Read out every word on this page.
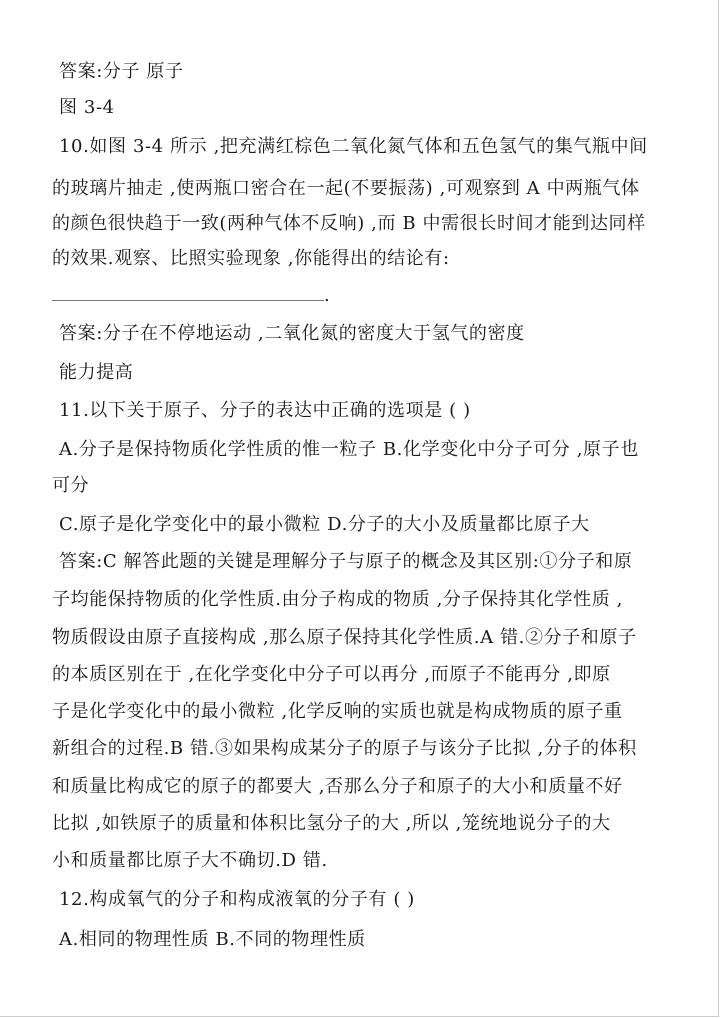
答案:分子 原子
图 3-4
10.如图 3-4 所示 ,把充满红棕色二氧化氮气体和五色氢气的集气瓶中间
的玻璃片抽走 ,使两瓶口密合在一起(不要振荡) ,可观察到 A 中两瓶气体
的颜色很快趋于一致(两种气体不反响) ,而 B 中需很长时间才能到达同样
的效果.观察、比照实验现象 ,你能得出的结论有:
.
答案:分子在不停地运动 ,二氧化氮的密度大于氢气的密度
能力提高
11.以下关于原子、分子的表达中正确的选项是 ( )
A.分子是保持物质化学性质的惟一粒子 B.化学变化中分子可分 ,原子也
可分
C.原子是化学变化中的最小微粒 D.分子的大小及质量都比原子大
答案:C 解答此题的关键是理解分子与原子的概念及其区别:①分子和原
子均能保持物质的化学性质.由分子构成的物质 ,分子保持其化学性质 ,
物质假设由原子直接构成 ,那么原子保持其化学性质.A 错.②分子和原子
的本质区别在于 ,在化学变化中分子可以再分 ,而原子不能再分 ,即原
子是化学变化中的最小微粒 ,化学反响的实质也就是构成物质的原子重
新组合的过程.B 错.③如果构成某分子的原子与该分子比拟 ,分子的体积
和质量比构成它的原子的都要大 ,否那么分子和原子的大小和质量不好
比拟 ,如铁原子的质量和体积比氢分子的大 ,所以 ,笼统地说分子的大
小和质量都比原子大不确切.D 错.
12.构成氧气的分子和构成液氧的分子有 ( )
A.相同的物理性质 B.不同的物理性质
